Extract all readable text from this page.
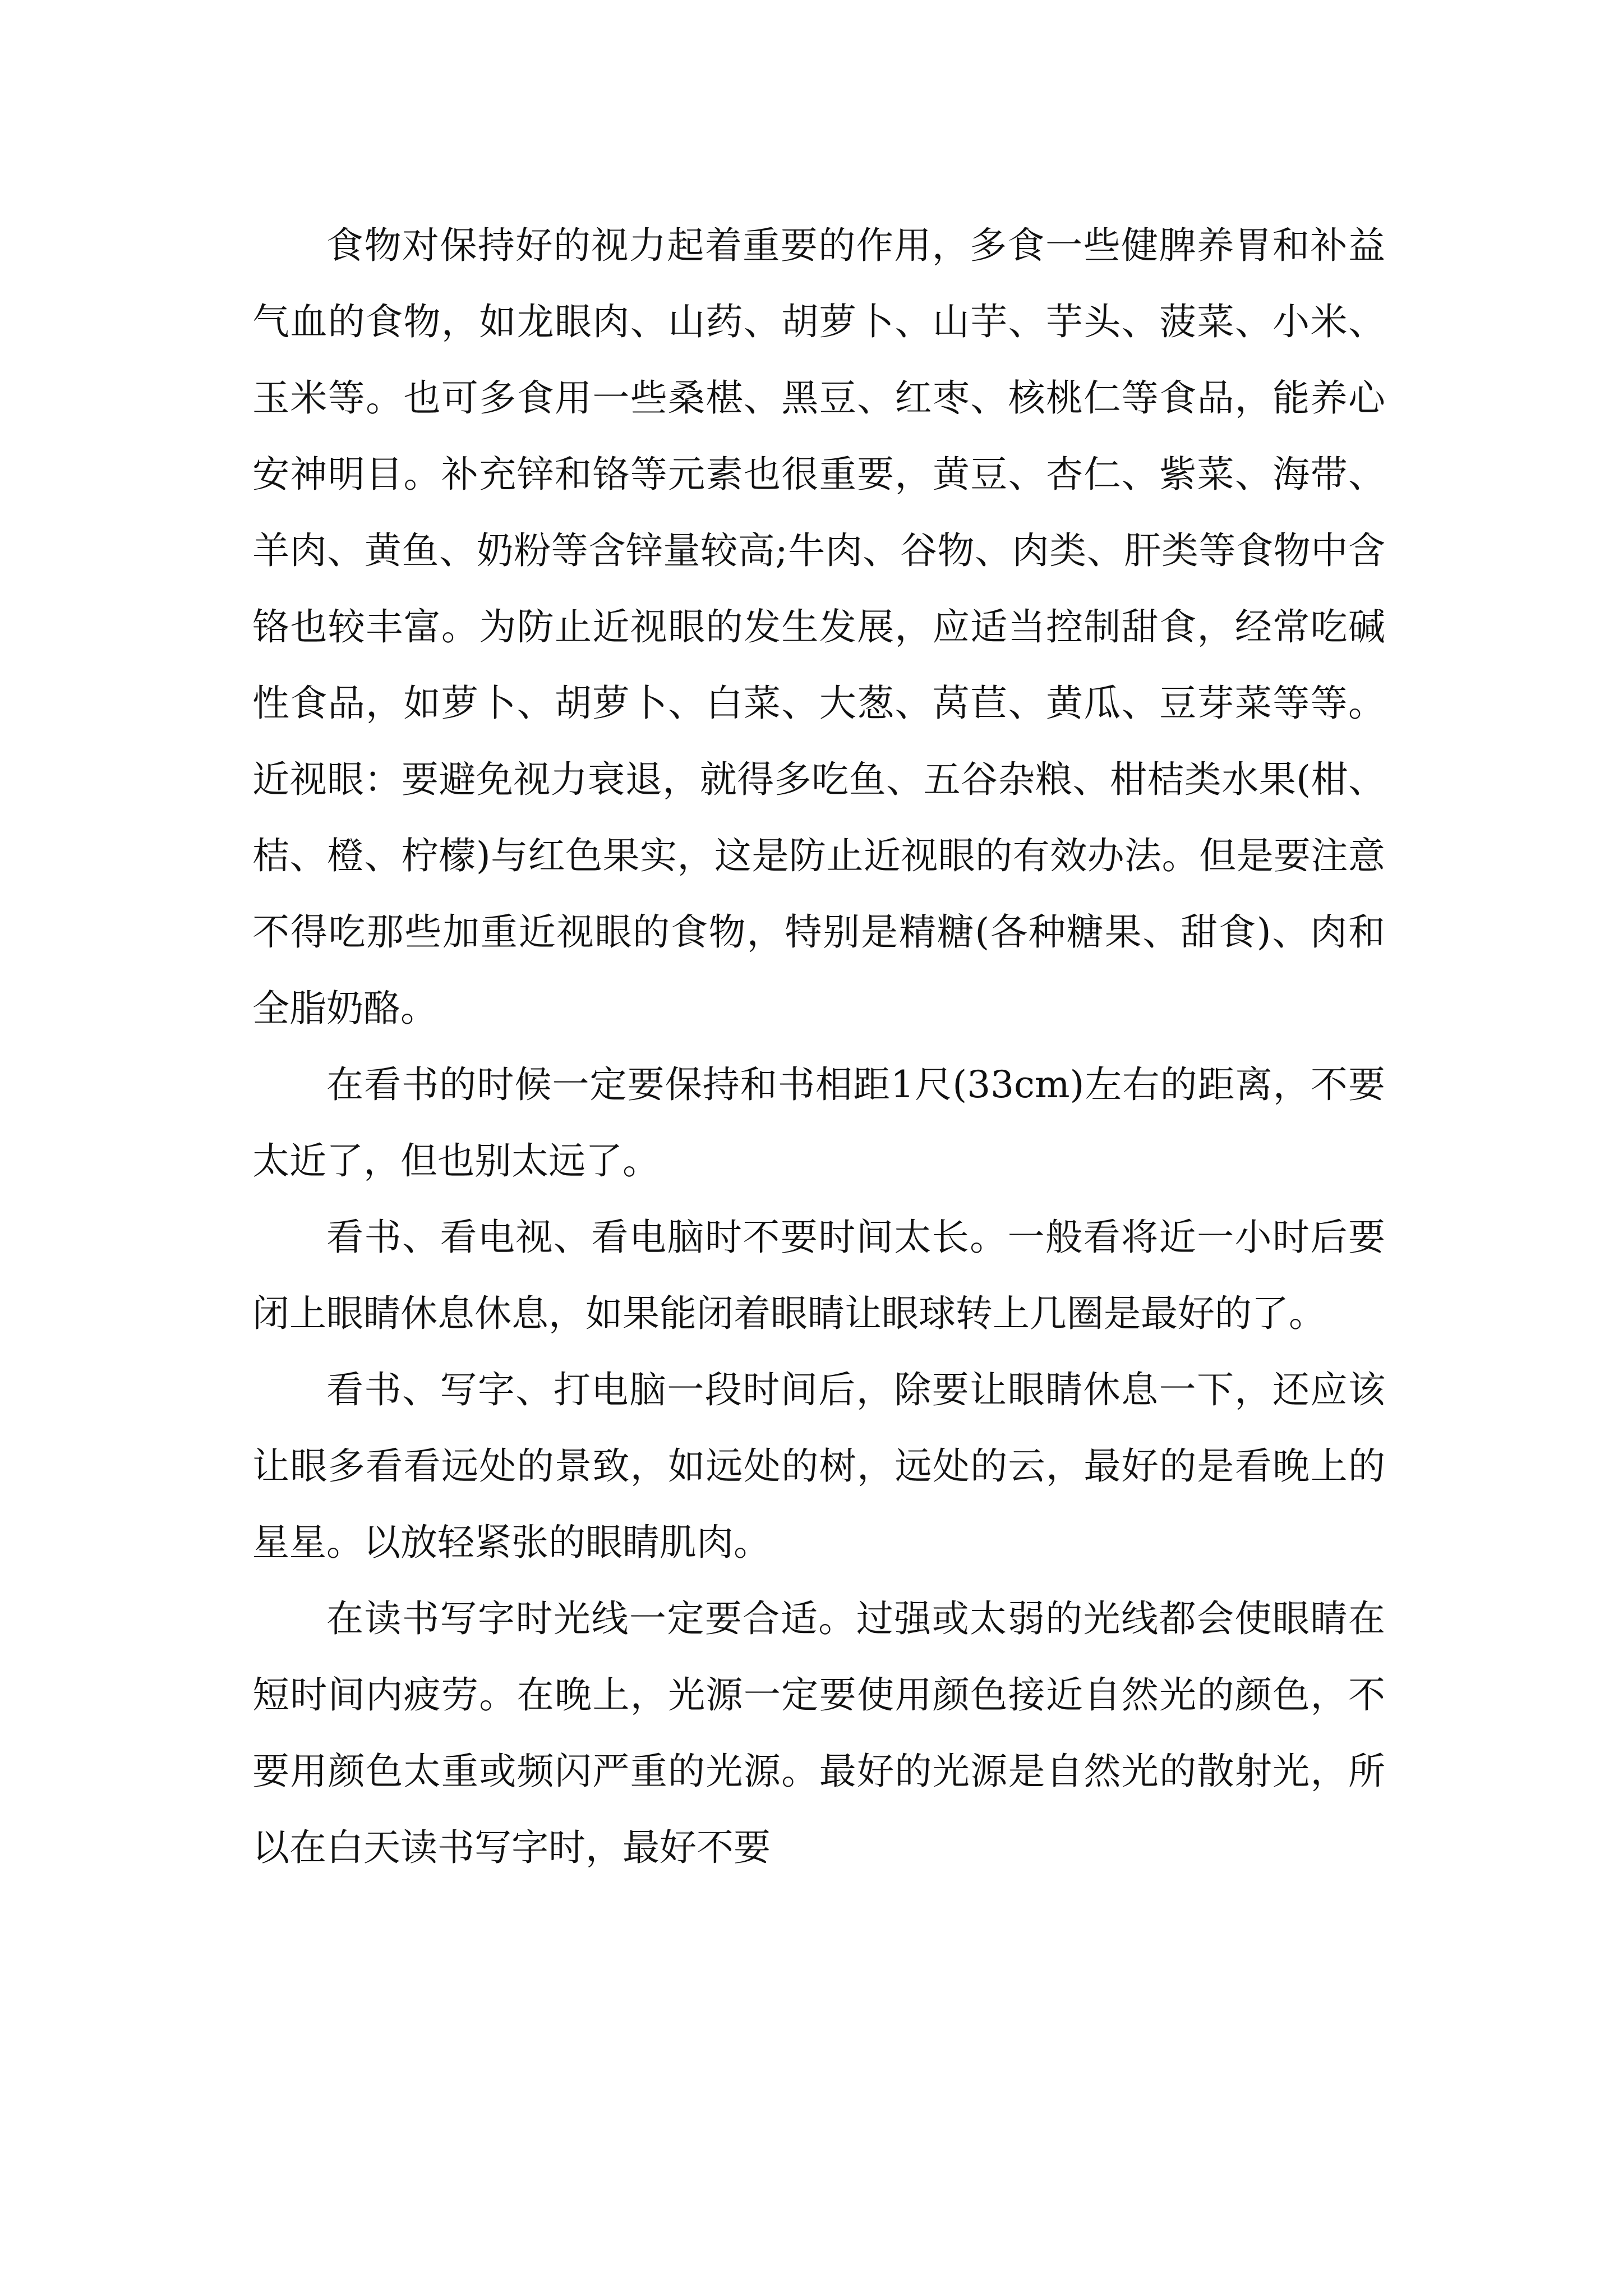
食物对保持好的视力起着重要的作用，多食一些健脾养胃和补益气血的食物，如龙眼肉、山药、胡萝卜、山芋、芋头、菠菜、小米、玉米等。也可多食用一些桑椹、黑豆、红枣、核桃仁等食品，能养心安神明目。补充锌和铬等元素也很重要，黄豆、杏仁、紫菜、海带、羊肉、黄鱼、奶粉等含锌量较高;牛肉、谷物、肉类、肝类等食物中含铬也较丰富。为防止近视眼的发生发展，应适当控制甜食，经常吃碱性食品，如萝卜、胡萝卜、白菜、大葱、莴苣、黄瓜、豆芽菜等等。近视眼：要避免视力衰退，就得多吃鱼、五谷杂粮、柑桔类水果(柑、桔、橙、柠檬)与红色果实，这是防止近视眼的有效办法。但是要注意不得吃那些加重近视眼的食物，特别是精糖(各种糖果、甜食)、肉和全脂奶酪。

在看书的时候一定要保持和书相距1尺(33cm)左右的距离，不要太近了，但也别太远了。

看书、看电视、看电脑时不要时间太长。一般看将近一小时后要闭上眼睛休息休息，如果能闭着眼睛让眼球转上几圈是最好的了。

看书、写字、打电脑一段时间后，除要让眼睛休息一下，还应该让眼多看看远处的景致，如远处的树，远处的云，最好的是看晚上的星星。以放轻紧张的眼睛肌肉。

在读书写字时光线一定要合适。过强或太弱的光线都会使眼睛在短时间内疲劳。在晚上，光源一定要使用颜色接近自然光的颜色，不要用颜色太重或频闪严重的光源。最好的光源是自然光的散射光，所以在白天读书写字时，最好不要
